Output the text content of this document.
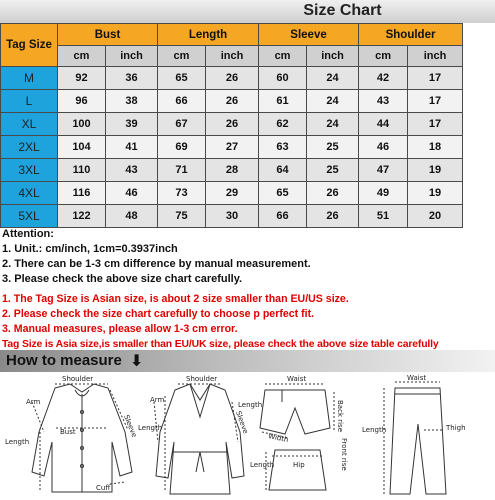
Size Chart
Tag Size	Bust		Length		Sleeve		Shoulder	
	cm	inch	cm	inch	cm	inch	cm	inch
M	92	36	65	26	60	24	42	17
L	96	38	66	26	61	24	43	17
XL	100	39	67	26	62	24	44	17
2XL	104	41	69	27	63	25	46	18
3XL	110	43	71	28	64	25	47	19
4XL	116	46	73	29	65	26	49	19
5XL	122	48	75	30	66	26	51	20
Attention:
1. Unit.: cm/inch, 1cm=0.3937inch
2. There can be 1-3 cm difference by manual measurement.
3. Please check the above size chart carefully.
1. The Tag Size is Asian size, is about 2 size smaller than EU/US size.
2. Please check the size chart carefully to choose p perfect fit.
3. Manual measures, please allow 1-3 cm error.
Tag Size is Asia size,is smaller than EU/UK size, please check the above size table carefully
How to measure ⬇
Shoulder
Arm
Bust
Length
Sleeve
Cuff
Shoulder
Arm
Length	Sleeve
Waist
Length
Width
Back rise
Front rise
Length	Hip
Waist
Length	Thigh
